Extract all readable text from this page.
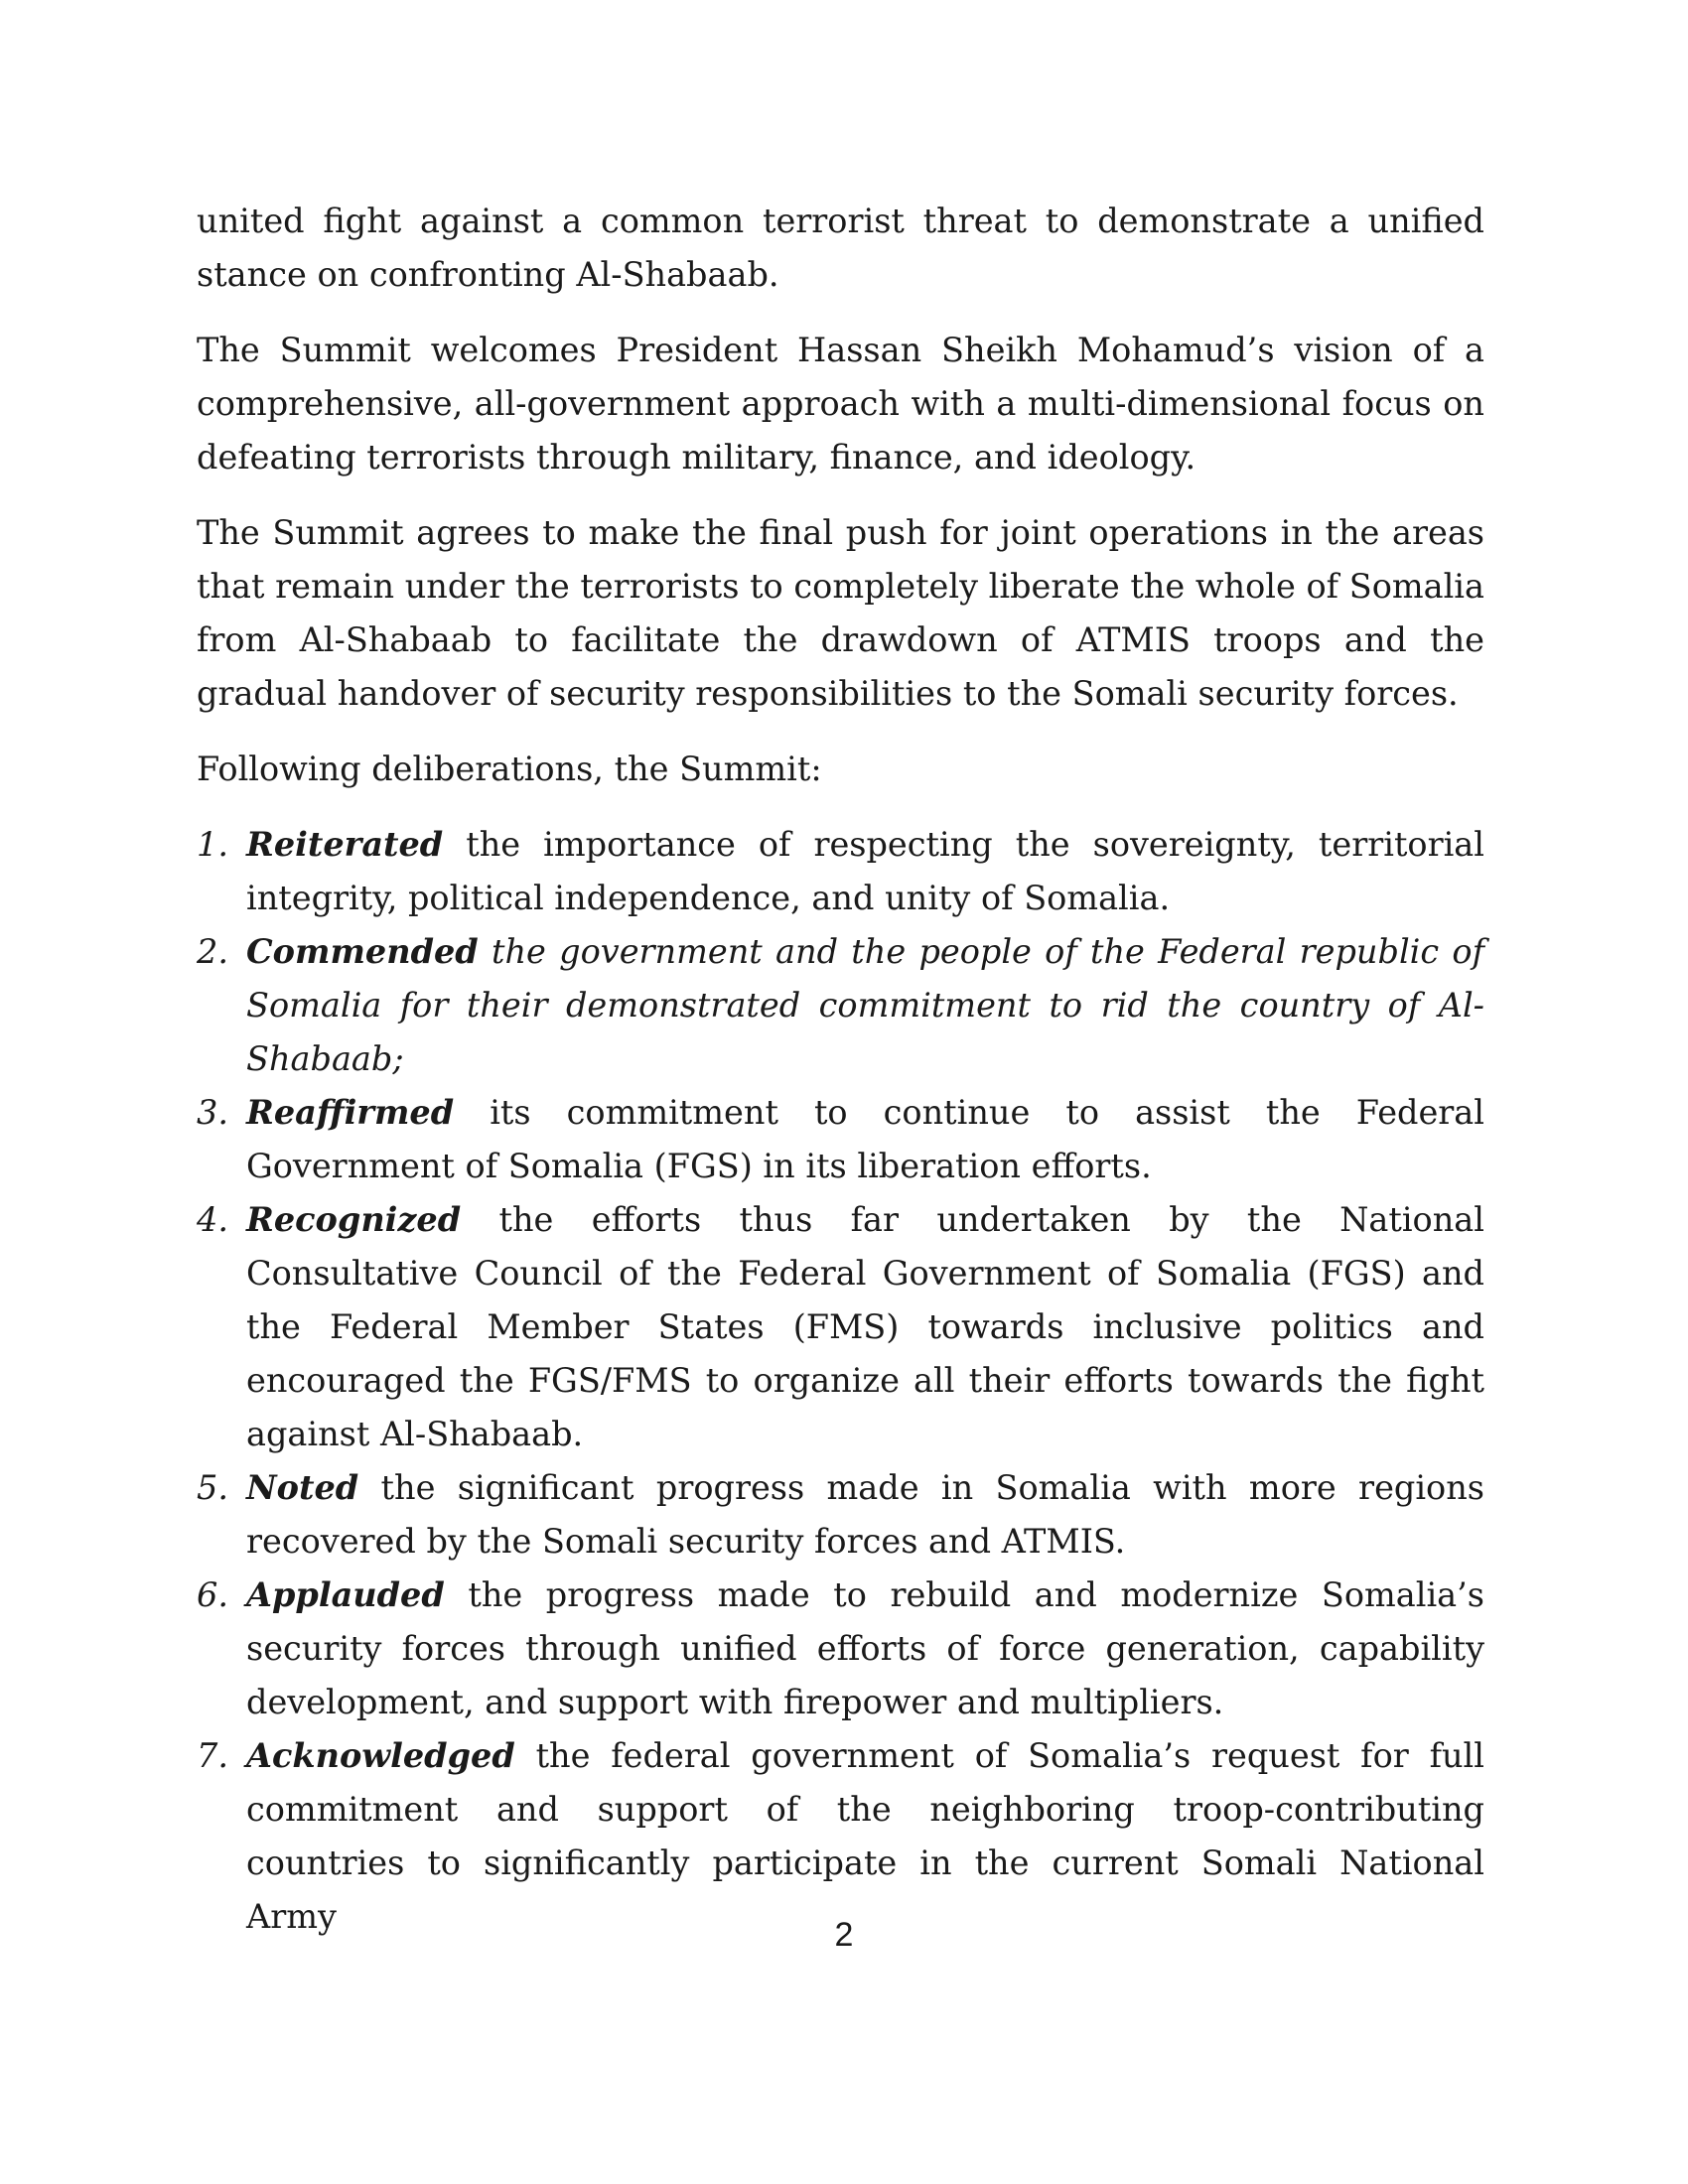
united fight against a common terrorist threat to demonstrate a unified stance on confronting Al-Shabaab.

The Summit welcomes President Hassan Sheikh Mohamud’s vision of a comprehensive, all-government approach with a multi-dimensional focus on defeating terrorists through military, finance, and ideology.

The Summit agrees to make the final push for joint operations in the areas that remain under the terrorists to completely liberate the whole of Somalia from Al-Shabaab to facilitate the drawdown of ATMIS troops and the gradual handover of security responsibilities to the Somali security forces.

Following deliberations, the Summit:

1. Reiterated the importance of respecting the sovereignty, territorial integrity, political independence, and unity of Somalia.
2. Commended the government and the people of the Federal republic of Somalia for their demonstrated commitment to rid the country of Al-Shabaab;
3. Reaffirmed its commitment to continue to assist the Federal Government of Somalia (FGS) in its liberation efforts.
4. Recognized the efforts thus far undertaken by the National Consultative Council of the Federal Government of Somalia (FGS) and the Federal Member States (FMS) towards inclusive politics and encouraged the FGS/FMS to organize all their efforts towards the fight against Al-Shabaab.
5. Noted the significant progress made in Somalia with more regions recovered by the Somali security forces and ATMIS.
6. Applauded the progress made to rebuild and modernize Somalia’s security forces through unified efforts of force generation, capability development, and support with firepower and multipliers.
7. Acknowledged the federal government of Somalia’s request for full commitment and support of the neighboring troop-contributing countries to significantly participate in the current Somali National Army	2
